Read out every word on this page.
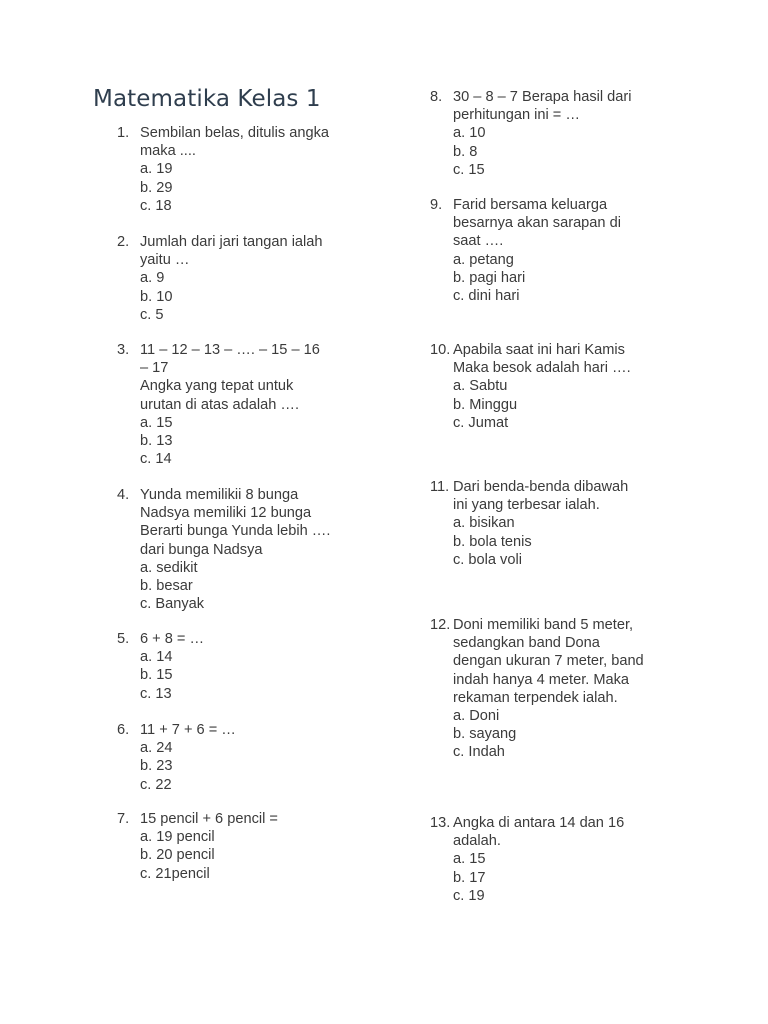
Matematika Kelas 1
1. Sembilan belas, ditulis angka
maka ....
a. 19
b. 29
c. 18
2. Jumlah dari jari tangan ialah
yaitu …
a. 9
b. 10
c. 5
3. 11 – 12 – 13 – …. – 15 – 16
– 17
Angka yang tepat untuk
urutan di atas adalah ….
a. 15
b. 13
c. 14
4. Yunda memilikii 8 bunga
Nadsya memiliki 12 bunga
Berarti bunga Yunda lebih ….
dari bunga Nadsya
a. sedikit
b. besar
c. Banyak
5. 6 + 8 = …
a. 14
b. 15
c. 13
6. 11 + 7 + 6 = …
a. 24
b. 23
c. 22
7. 15 pencil + 6 pencil =
a. 19 pencil
b. 20 pencil
c. 21pencil
8. 30 – 8 – 7 Berapa hasil dari
perhitungan ini = …
a. 10
b. 8
c. 15
9. Farid bersama keluarga
besarnya akan sarapan di
saat ….
a. petang
b. pagi hari
c. dini hari
10. Apabila saat ini hari Kamis
Maka besok adalah hari ….
a. Sabtu
b. Minggu
c. Jumat
11. Dari benda-benda dibawah
ini yang terbesar ialah.
a. bisikan
b. bola tenis
c. bola voli
12. Doni memiliki band 5 meter,
sedangkan band Dona
dengan ukuran 7 meter, band
indah hanya 4 meter. Maka
rekaman terpendek ialah.
a. Doni
b. sayang
c. Indah
13. Angka di antara 14 dan 16
adalah.
a. 15
b. 17
c. 19
